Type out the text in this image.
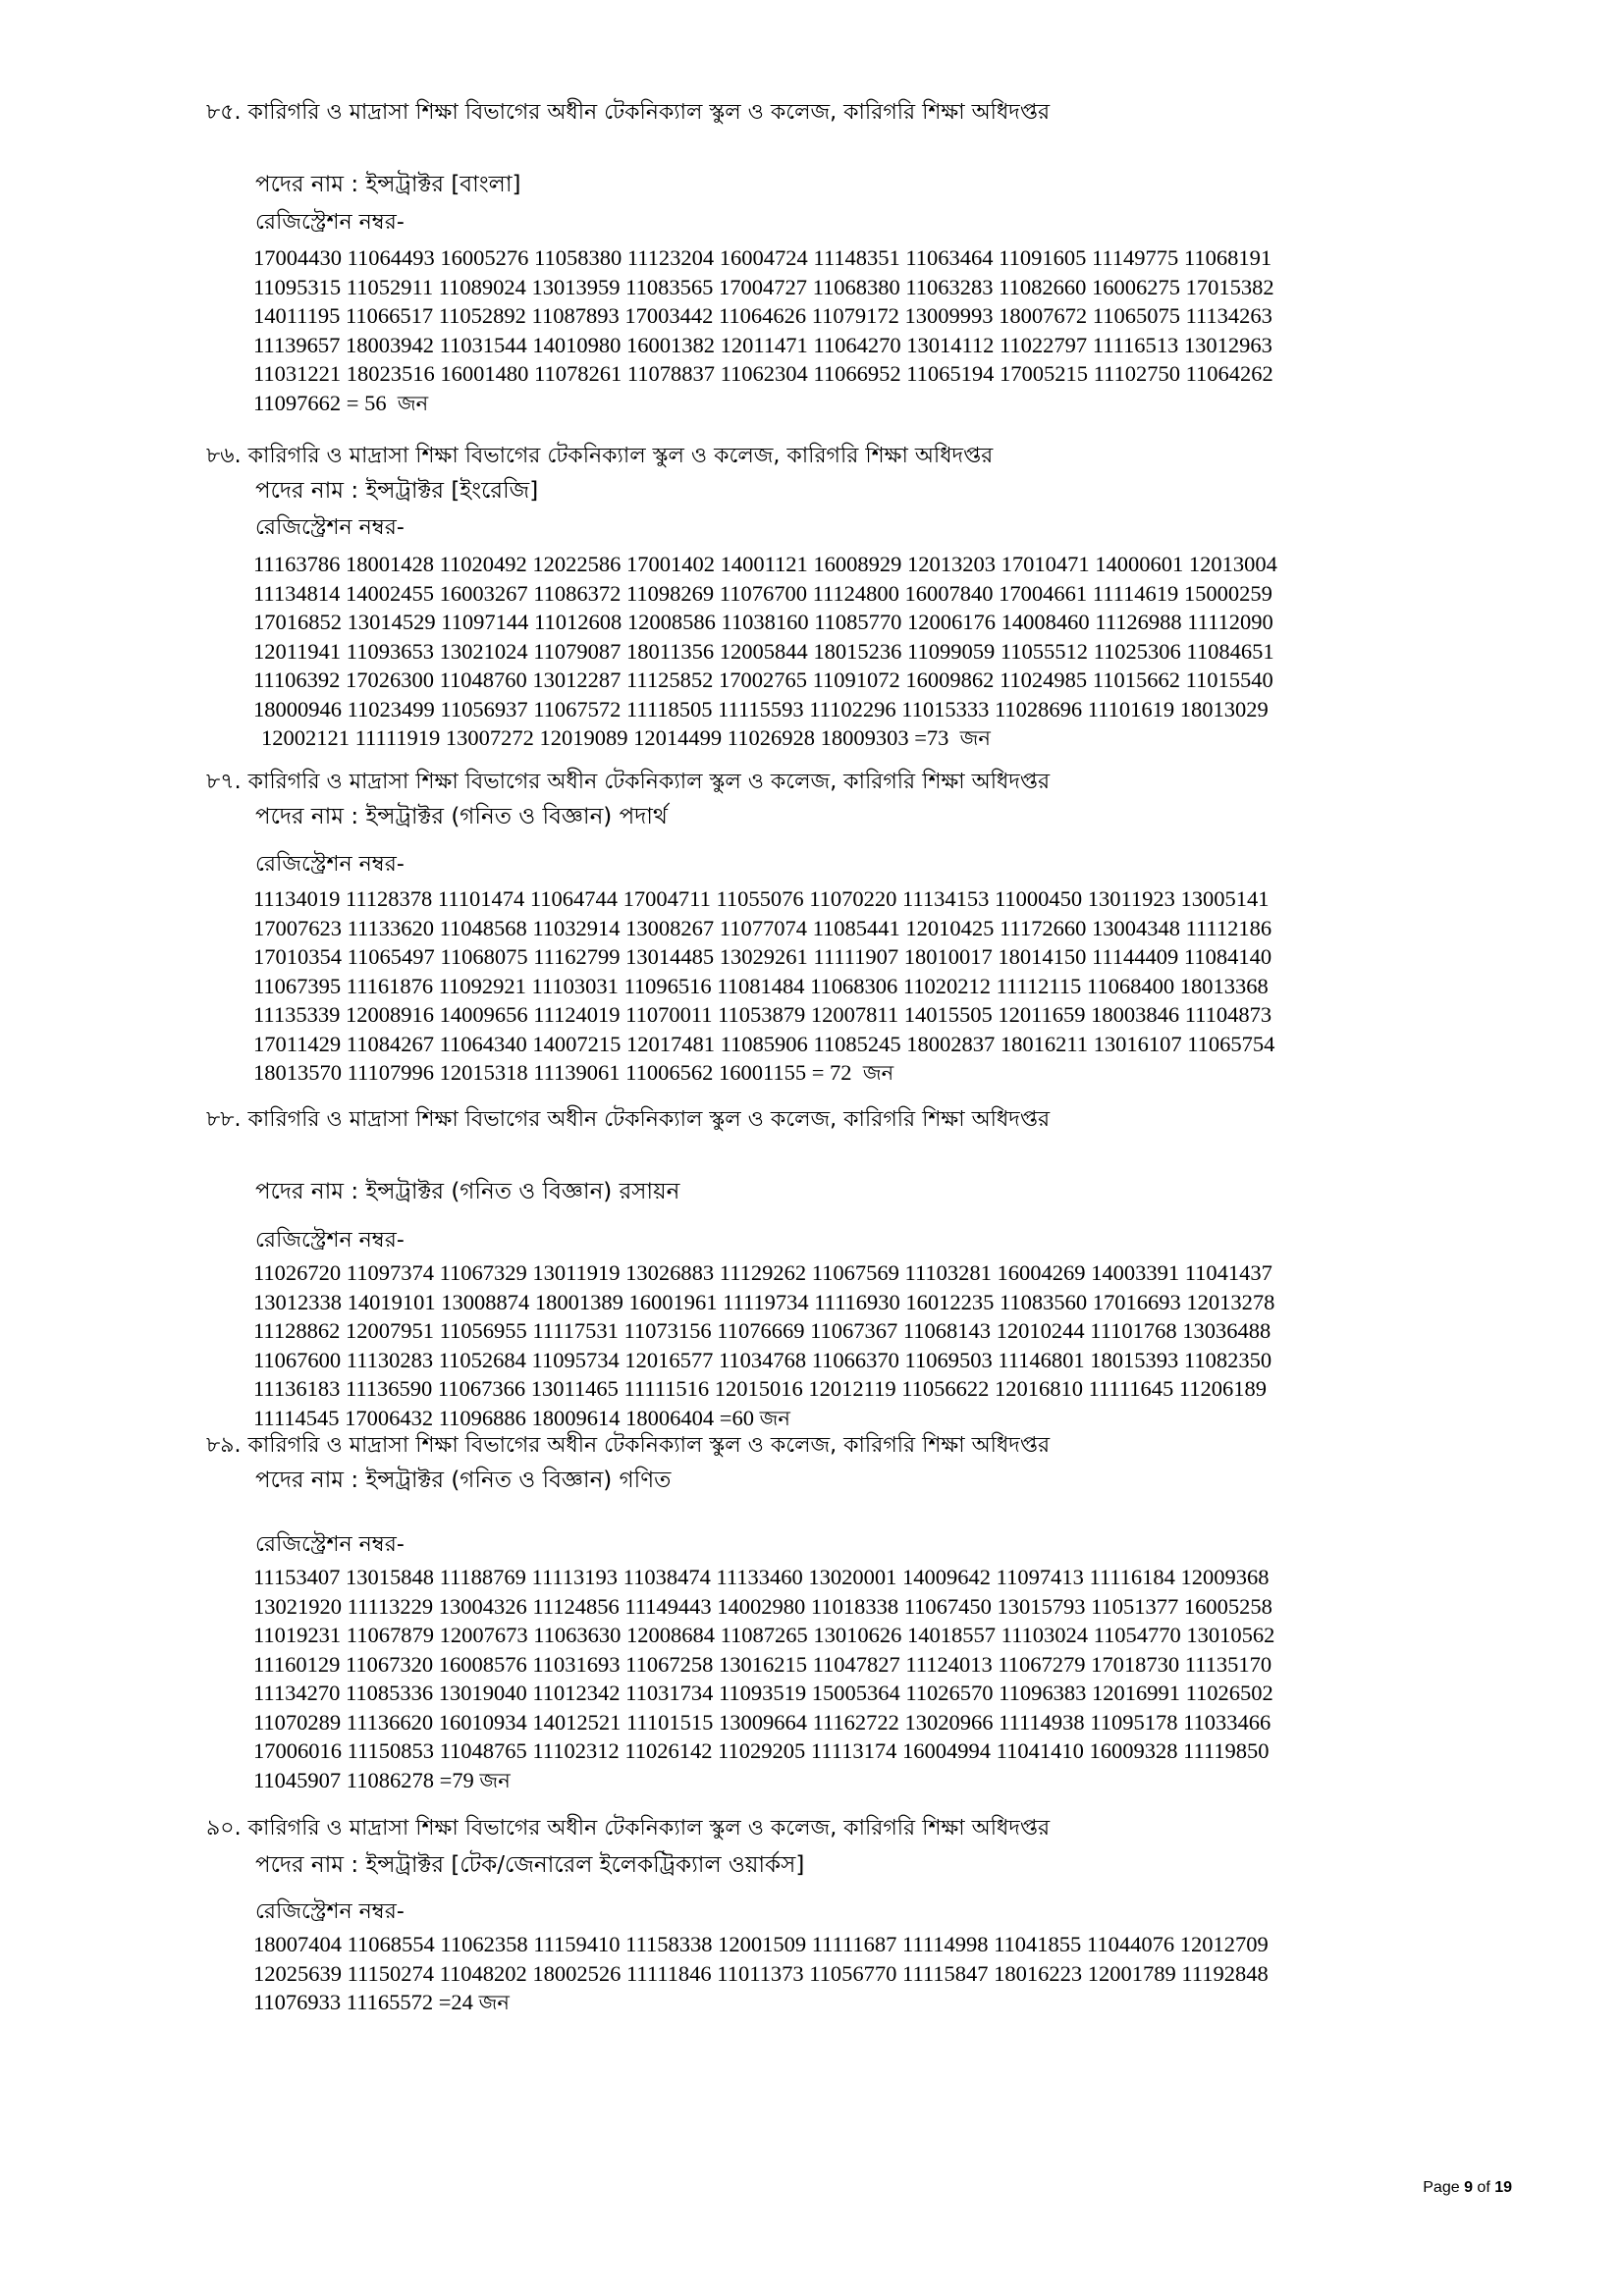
৮৫. কারিগরি ও মাদ্রাসা শিক্ষা বিভাগের অধীন টেকনিক্যাল স্কুল ও কলেজ, কারিগরি শিক্ষা অধিদপ্তর
পদের নাম : ইন্সট্রাক্টর [বাংলা]
রেজিস্ট্রেশন নম্বর-
17004430 11064493 16005276 11058380 11123204 16004724 11148351 11063464 11091605 11149775 11068191
11095315 11052911 11089024 13013959 11083565 17004727 11068380 11063283 11082660 16006275 17015382
14011195 11066517 11052892 11087893 17003442 11064626 11079172 13009993 18007672 11065075 11134263
11139657 18003942 11031544 14010980 16001382 12011471 11064270 13014112 11022797 11116513 13012963
11031221 18023516 16001480 11078261 11078837 11062304 11066952 11065194 17005215 11102750 11064262
11097662 = 56 জন
৮৬. কারিগরি ও মাদ্রাসা শিক্ষা বিভাগের টেকনিক্যাল স্কুল ও কলেজ, কারিগরি শিক্ষা অধিদপ্তর
পদের নাম : ইন্সট্রাক্টর [ইংরেজি]
রেজিস্ট্রেশন নম্বর-
11163786 18001428 11020492 12022586 17001402 14001121 16008929 12013203 17010471 14000601 12013004
11134814 14002455 16003267 11086372 11098269 11076700 11124800 16007840 17004661 11114619 15000259
17016852 13014529 11097144 11012608 12008586 11038160 11085770 12006176 14008460 11126988 11112090
12011941 11093653 13021024 11079087 18011356 12005844 18015236 11099059 11055512 11025306 11084651
11106392 17026300 11048760 13012287 11125852 17002765 11091072 16009862 11024985 11015662 11015540
18000946 11023499 11056937 11067572 11118505 11115593 11102296 11015333 11028696 11101619 18013029
12002121 11111919 13007272 12019089 12014499 11026928 18009303 =73 জন
৮৭. কারিগরি ও মাদ্রাসা শিক্ষা বিভাগের অধীন টেকনিক্যাল স্কুল ও কলেজ, কারিগরি শিক্ষা অধিদপ্তর
পদের নাম : ইন্সট্রাক্টর (গনিত ও বিজ্ঞান) পদার্থ
রেজিস্ট্রেশন নম্বর-
11134019 11128378 11101474 11064744 17004711 11055076 11070220 11134153 11000450 13011923 13005141
17007623 11133620 11048568 11032914 13008267 11077074 11085441 12010425 11172660 13004348 11112186
17010354 11065497 11068075 11162799 13014485 13029261 11111907 18010017 18014150 11144409 11084140
11067395 11161876 11092921 11103031 11096516 11081484 11068306 11020212 11112115 11068400 18013368
11135339 12008916 14009656 11124019 11070011 11053879 12007811 14015505 12011659 18003846 11104873
17011429 11084267 11064340 14007215 12017481 11085906 11085245 18002837 18016211 13016107 11065754
18013570 11107996 12015318 11139061 11006562 16001155 = 72 জন
৮৮. কারিগরি ও মাদ্রাসা শিক্ষা বিভাগের অধীন টেকনিক্যাল স্কুল ও কলেজ, কারিগরি শিক্ষা অধিদপ্তর
পদের নাম : ইন্সট্রাক্টর (গনিত ও বিজ্ঞান) রসায়ন
রেজিস্ট্রেশন নম্বর-
11026720 11097374 11067329 13011919 13026883 11129262 11067569 11103281 16004269 14003391 11041437
13012338 14019101 13008874 18001389 16001961 11119734 11116930 16012235 11083560 17016693 12013278
11128862 12007951 11056955 11117531 11073156 11076669 11067367 11068143 12010244 11101768 13036488
11067600 11130283 11052684 11095734 12016577 11034768 11066370 11069503 11146801 18015393 11082350
11136183 11136590 11067366 13011465 11111516 12015016 12012119 11056622 12016810 11111645 11206189
11114545 17006432 11096886 18009614 18006404 =60 জন
৮৯. কারিগরি ও মাদ্রাসা শিক্ষা বিভাগের অধীন টেকনিক্যাল স্কুল ও কলেজ, কারিগরি শিক্ষা অধিদপ্তর
পদের নাম : ইন্সট্রাক্টর (গনিত ও বিজ্ঞান) গণিত
রেজিস্ট্রেশন নম্বর-
11153407 13015848 11188769 11113193 11038474 11133460 13020001 14009642 11097413 11116184 12009368
13021920 11113229 13004326 11124856 11149443 14002980 11018338 11067450 13015793 11051377 16005258
11019231 11067879 12007673 11063630 12008684 11087265 13010626 14018557 11103024 11054770 13010562
11160129 11067320 16008576 11031693 11067258 13016215 11047827 11124013 11067279 17018730 11135170
11134270 11085336 13019040 11012342 11031734 11093519 15005364 11026570 11096383 12016991 11026502
11070289 11136620 16010934 14012521 11101515 13009664 11162722 13020966 11114938 11095178 11033466
17006016 11150853 11048765 11102312 11026142 11029205 11113174 16004994 11041410 16009328 11119850
11045907 11086278 =79 জন
৯০. কারিগরি ও মাদ্রাসা শিক্ষা বিভাগের অধীন টেকনিক্যাল স্কুল ও কলেজ, কারিগরি শিক্ষা অধিদপ্তর
পদের নাম : ইন্সট্রাক্টর [টেক/জেনারেল ইলেকট্রিক্যাল ওয়ার্কস]
রেজিস্ট্রেশন নম্বর-
18007404 11068554 11062358 11159410 11158338 12001509 11111687 11114998 11041855 11044076 12012709
12025639 11150274 11048202 18002526 11111846 11011373 11056770 11115847 18016223 12001789 11192848
11076933 11165572 =24 জন
Page 9 of 19
